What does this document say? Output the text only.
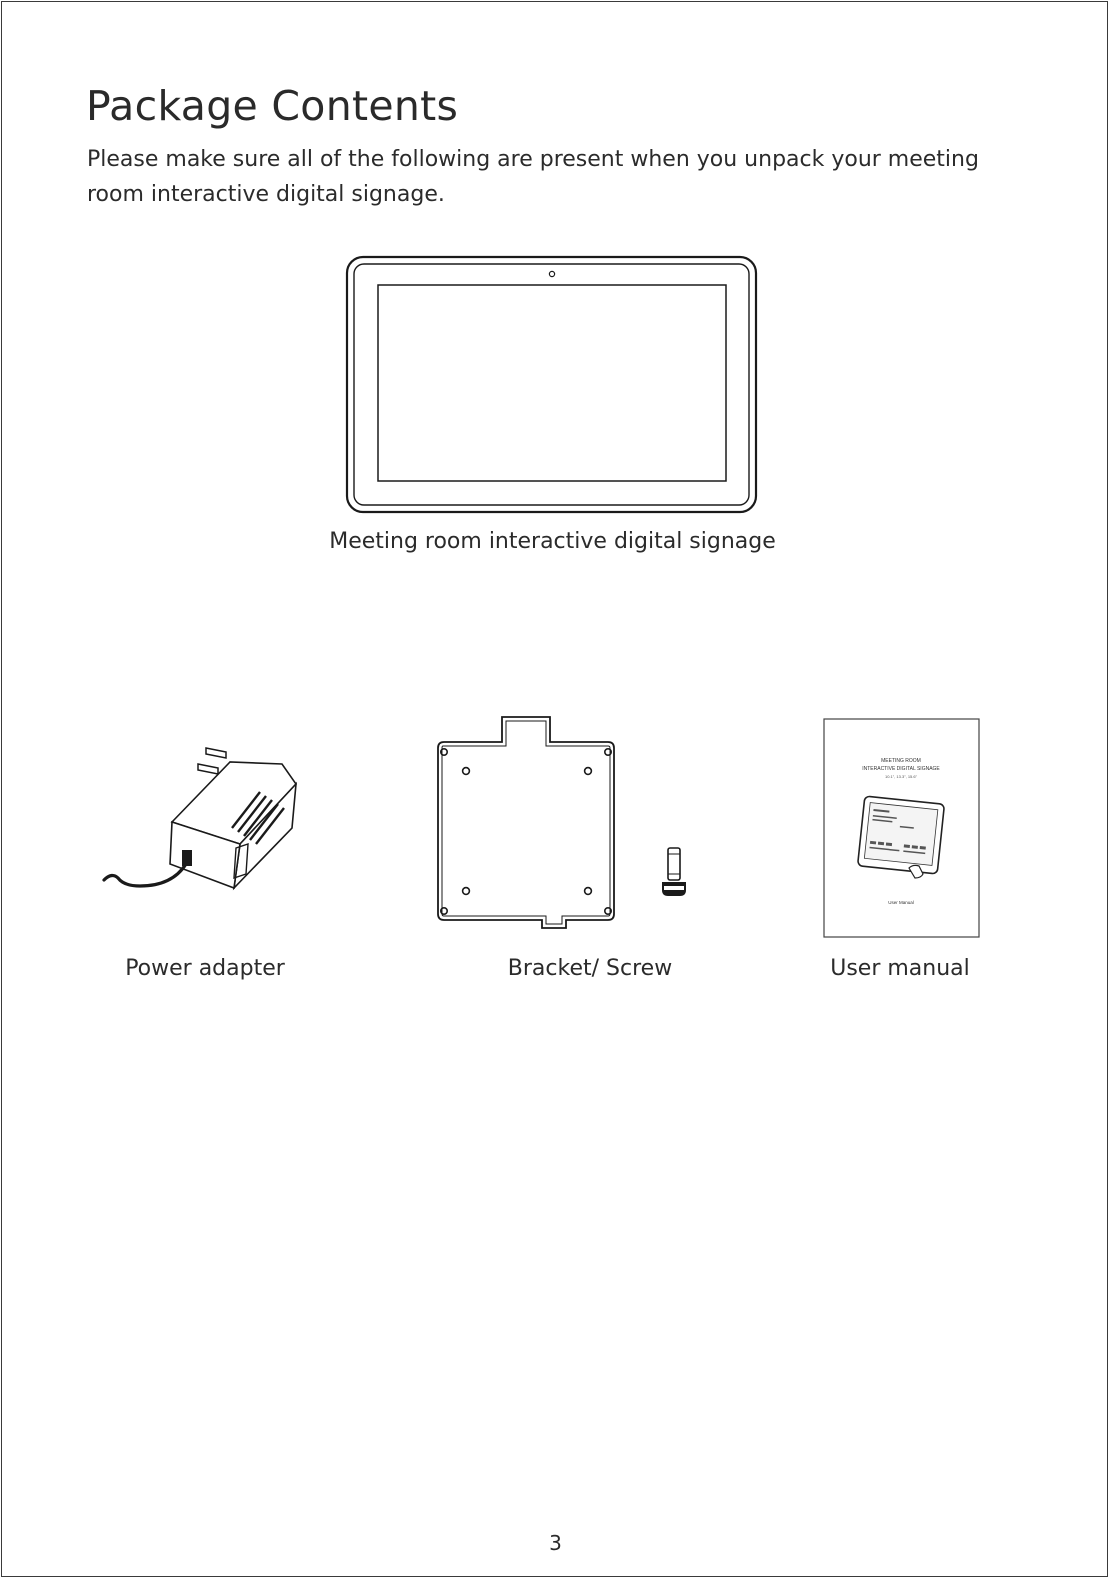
Package Contents

Please make sure all of the following are present when you unpack your meeting room interactive digital signage.

Meeting room interactive digital signage

Power adapter	Bracket/ Screw

MEETING ROOM
INTERACTIVE DIGITAL SIGNAGE
10.1", 13.3", 15.6"
User Manual

User manual

3
